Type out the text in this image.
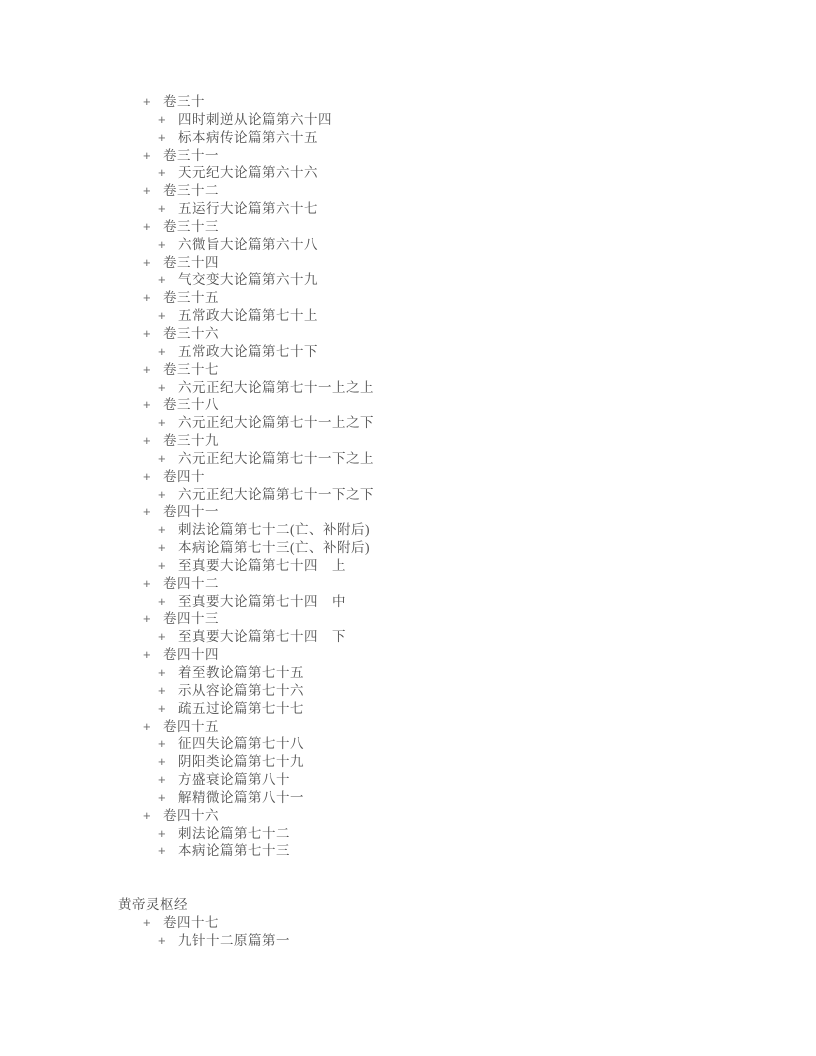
+ 卷三十
+ 四时刺逆从论篇第六十四
+ 标本病传论篇第六十五
+ 卷三十一
+ 天元纪大论篇第六十六
+ 卷三十二
+ 五运行大论篇第六十七
+ 卷三十三
+ 六微旨大论篇第六十八
+ 卷三十四
+ 气交变大论篇第六十九
+ 卷三十五
+ 五常政大论篇第七十上
+ 卷三十六
+ 五常政大论篇第七十下
+ 卷三十七
+ 六元正纪大论篇第七十一上之上
+ 卷三十八
+ 六元正纪大论篇第七十一上之下
+ 卷三十九
+ 六元正纪大论篇第七十一下之上
+ 卷四十
+ 六元正纪大论篇第七十一下之下
+ 卷四十一
+ 刺法论篇第七十二(亡、补附后)
+ 本病论篇第七十三(亡、补附后)
+ 至真要大论篇第七十四　上
+ 卷四十二
+ 至真要大论篇第七十四　中
+ 卷四十三
+ 至真要大论篇第七十四　下
+ 卷四十四
+ 着至教论篇第七十五
+ 示从容论篇第七十六
+ 疏五过论篇第七十七
+ 卷四十五
+ 征四失论篇第七十八
+ 阴阳类论篇第七十九
+ 方盛衰论篇第八十
+ 解精微论篇第八十一
+ 卷四十六
+ 刺法论篇第七十二
+ 本病论篇第七十三
黄帝灵枢经
+ 卷四十七
+ 九针十二原篇第一
